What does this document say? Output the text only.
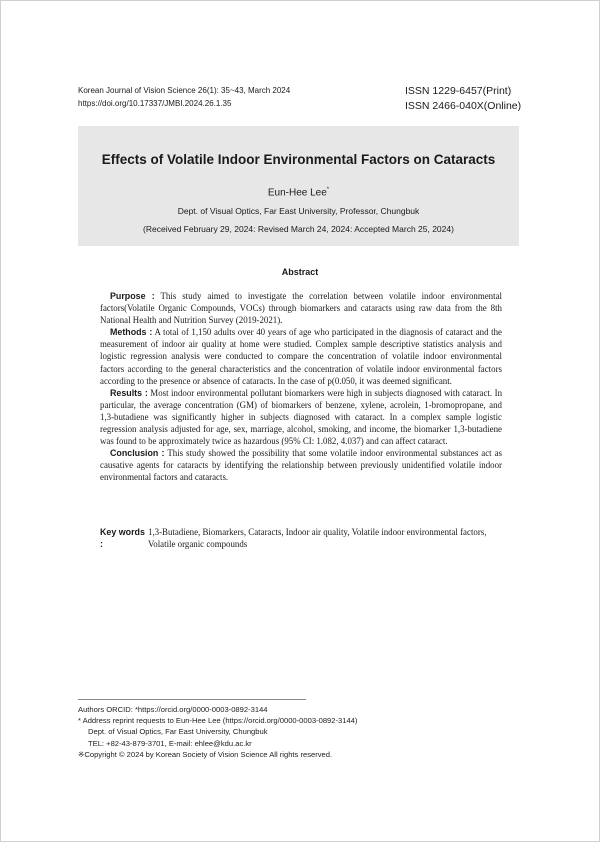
Korean Journal of Vision Science 26(1): 35~43, March 2024
https://doi.org/10.17337/JMBI.2024.26.1.35
ISSN 1229-6457(Print)
ISSN 2466-040X(Online)
Effects of Volatile Indoor Environmental Factors on Cataracts
Eun-Hee Lee*
Dept. of Visual Optics, Far East University, Professor, Chungbuk
(Received February 29, 2024: Revised March 24, 2024: Accepted March 25, 2024)
Abstract

Purpose : This study aimed to investigate the correlation between volatile indoor environmental factors(Volatile Organic Compounds, VOCs) through biomarkers and cataracts using raw data from the 8th National Health and Nutrition Survey (2019-2021).

Methods : A total of 1,150 adults over 40 years of age who participated in the diagnosis of cataract and the measurement of indoor air quality at home were studied. Complex sample descriptive statistics analysis and logistic regression analysis were conducted to compare the concentration of volatile indoor environmental factors according to the general characteristics and the concentration of volatile indoor environmental factors according to the presence or absence of cataracts. In the case of p(0.050, it was deemed significant.

Results : Most indoor environmental pollutant biomarkers were high in subjects diagnosed with cataract. In particular, the average concentration (GM) of biomarkers of benzene, xylene, acrolein, 1-bromopropane, and 1,3-butadiene was significantly higher in subjects diagnosed with cataract. In a complex sample logistic regression analysis adjusted for age, sex, marriage, alcohol, smoking, and income, the biomarker 1,3-butadiene was found to be approximately twice as hazardous (95% CI: 1.082, 4.037) and can affect cataract.

Conclusion : This study showed the possibility that some volatile indoor environmental substances act as causative agents for cataracts by identifying the relationship between previously unidentified volatile indoor environmental factors and cataracts.

Key words :
1,3-Butadiene, Biomarkers, Cataracts, Indoor air quality, Volatile indoor environmental factors, Volatile organic compounds
Authors ORCID: *https://orcid.org/0000-0003-0892-3144
* Address reprint requests to Eun-Hee Lee (https://orcid.org/0000-0003-0892-3144)
Dept. of Visual Optics, Far East University, Chungbuk
TEL: +82-43-879-3701, E-mail: ehlee@kdu.ac.kr
※Copyright © 2024 by Korean Society of Vision Science All rights reserved.
